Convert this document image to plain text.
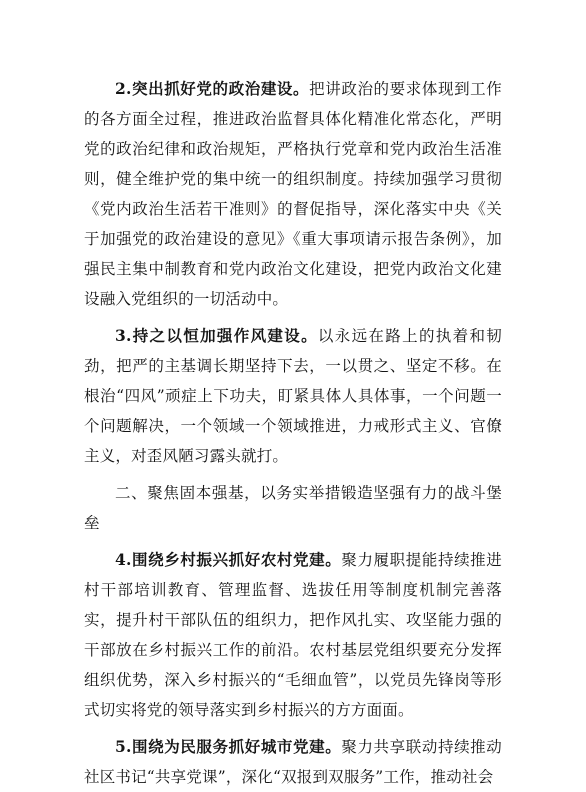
2.突出抓好党的政治建设。把讲政治的要求体现到工作的各方面全过程，推进政治监督具体化精准化常态化，严明党的政治纪律和政治规矩，严格执行党章和党内政治生活准则，健全维护党的集中统一的组织制度。持续加强学习贯彻《党内政治生活若干准则》的督促指导，深化落实中央《关于加强党的政治建设的意见》《重大事项请示报告条例》，加强民主集中制教育和党内政治文化建设，把党内政治文化建设融入党组织的一切活动中。

3.持之以恒加强作风建设。以永远在路上的执着和韧劲，把严的主基调长期坚持下去，一以贯之、坚定不移。在根治“四风”顽症上下功夫，盯紧具体人具体事，一个问题一个问题解决，一个领域一个领域推进，力戒形式主义、官僚主义，对歪风陋习露头就打。

二、聚焦固本强基，以务实举措锻造坚强有力的战斗堡垒

4.围绕乡村振兴抓好农村党建。聚力履职提能持续推进村干部培训教育、管理监督、选拔任用等制度机制完善落实，提升村干部队伍的组织力，把作风扎实、攻坚能力强的干部放在乡村振兴工作的前沿。农村基层党组织要充分发挥组织优势，深入乡村振兴的“毛细血管”，以党员先锋岗等形式切实将党的领导落实到乡村振兴的方方面面。

5.围绕为民服务抓好城市党建。聚力共享联动持续推动社区书记“共享党课”，深化“双报到双服务”工作，推动社会
